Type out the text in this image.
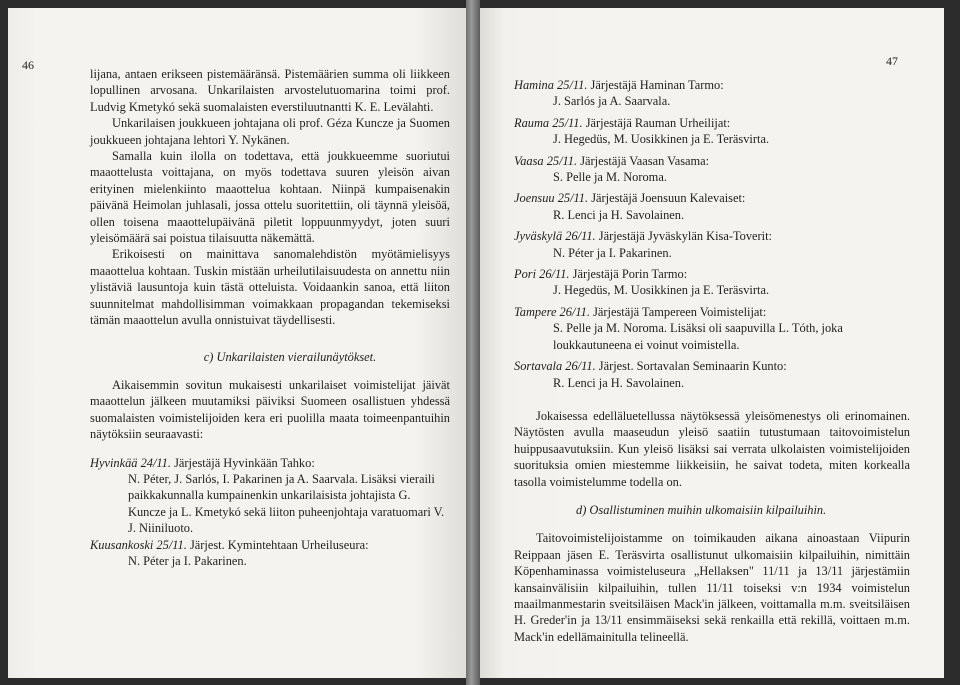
46

lijana, antaen erikseen pistemääränsä. Pistemäärien summa oli liikkeen lopullinen arvosana. Unkarilaisten arvostelutuomarina toimi prof. Ludvig Kmetykó sekä suomalaisten everstiluutnantti K. E. Levälahti.

Unkarilaisen joukkueen johtajana oli prof. Géza Kuncze ja Suomen joukkueen johtajana lehtori Y. Nykänen.

Samalla kuin ilolla on todettava, että joukkueemme suoriutui maaottelusta voittajana, on myös todettava suuren yleisön aivan erityinen mielenkiinto maaottelua kohtaan. Niinpä kumpaisenakin päivänä Heimolan juhlasali, jossa ottelu suoritettiin, oli täynnä yleisöä, ollen toisena maaottelupäivänä piletit loppuunmyydyt, joten suuri yleisömäärä sai poistua tilaisuutta näkemättä.

Erikoisesti on mainittava sanomalehdistön myötämielisyys maaottelua kohtaan. Tuskin mistään urheilutilaisuudesta on annettu niin ylistäviä lausuntoja kuin tästä otteluista. Voidaankin sanoa, että liiton suunnitelmat mahdollisimman voimakkaan propagandan tekemiseksi tämän maaottelun avulla onnistuivat täydellisesti.

c) Unkarilaisten vierailunäytökset.

Aikaisemmin sovitun mukaisesti unkarilaiset voimistelijat jäivät maaottelun jälkeen muutamiksi päiviksi Suomeen osallistuen yhdessä suomalaisten voimistelijoiden kera eri puolilla maata toimeenpantuihin näytöksiin seuraavasti:

Hyvinkää 24/11. Järjestäjä Hyvinkään Tahko:
N. Péter, J. Sarlós, I. Pakarinen ja A. Saarvala. Lisäksi vieraili paikkakunnalla kumpainenkin unkarilaisista johtajista G. Kuncze ja L. Kmetykó sekä liiton puheenjohtaja varatuomari V. J. Niiniluoto.
Kuusankoski 25/11. Järjest. Kymintehtaan Urheiluseura:
N. Péter ja I. Pakarinen.
47
Hamina 25/11. Järjestäjä Haminan Tarmo:
J. Sarlós ja A. Saarvala.
Rauma 25/11. Järjestäjä Rauman Urheilijat:
J. Hegedüs, M. Uosikkinen ja E. Teräsvirta.
Vaasa 25/11. Järjestäjä Vaasan Vasama:
S. Pelle ja M. Noroma.
Joensuu 25/11. Järjestäjä Joensuun Kalevaiset:
R. Lenci ja H. Savolainen.
Jyväskylä 26/11. Järjestäjä Jyväskylän Kisa-Toverit:
N. Péter ja I. Pakarinen.
Pori 26/11. Järjestäjä Porin Tarmo:
J. Hegedüs, M. Uosikkinen ja E. Teräsvirta.
Tampere 26/11. Järjestäjä Tampereen Voimistelijat:
S. Pelle ja M. Noroma. Lisäksi oli saapuvilla L. Tóth, joka loukkautuneena ei voinut voimistella.
Sortavala 26/11. Järjest. Sortavalan Seminaarin Kunto:
R. Lenci ja H. Savolainen.

Jokaisessa edelläluetellussa näytöksessä yleisömenestys oli erinomainen. Näytösten avulla maaseudun yleisö saatiin tutustumaan taitovoimistelun huippusaavutuksiin. Kun yleisö lisäksi sai verrata ulkolaisten voimistelijoiden suorituksia omien miestemme liikkeisiin, he saivat todeta, miten korkealla tasolla voimistelumme todella on.

d) Osallistuminen muihin ulkomaisiin kilpailuihin.

Taitovoimistelijoistamme on toimikauden aikana ainoastaan Viipurin Reippaan jäsen E. Teräsvirta osallistunut ulkomaisiin kilpailuihin, nimittäin Köpenhaminassa voimisteluseura „Hellaksen" 11/11 ja 13/11 järjestämiin kansainvälisiin kilpailuihin, tullen 11/11 toiseksi v:n 1934 voimistelun maailmanmestarin sveitsiläisen Mack'in jälkeen, voittamalla m.m. sveitsiläisen H. Greder'in ja 13/11 ensimmäiseksi sekä renkailla että rekillä, voittaen m.m. Mack'in edellämainitulla telineellä.
